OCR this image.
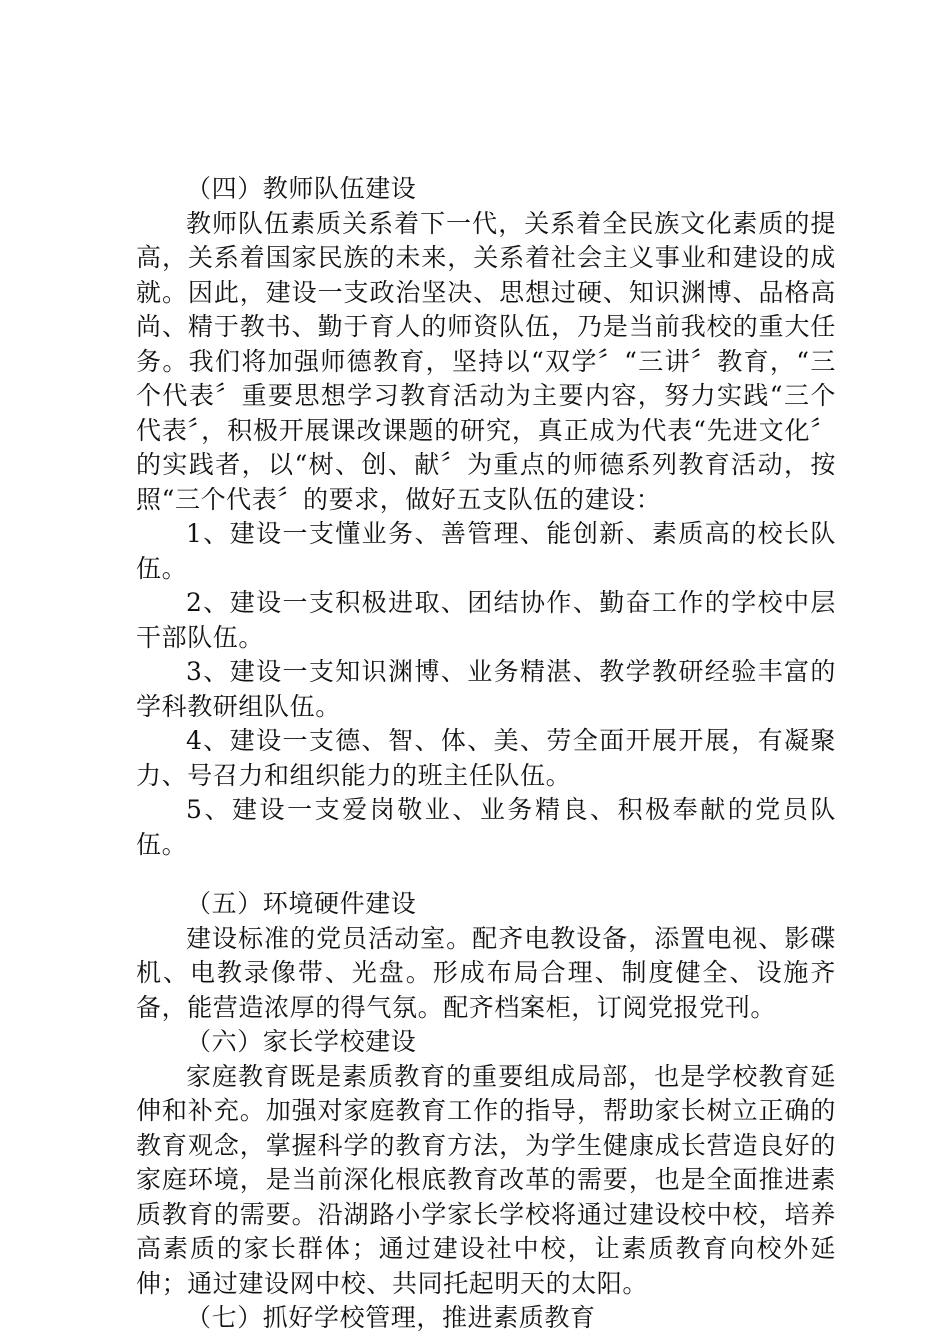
（四）教师队伍建设

教师队伍素质关系着下一代，关系着全民族文化素质的提高，关系着国家民族的未来，关系着社会主义事业和建设的成就。因此，建设一支政治坚决、思想过硬、知识渊博、品格高尚、精于教书、勤于育人的师资队伍，乃是当前我校的重大任务。我们将加强师德教育，坚持以“双学〞“三讲〞教育，“三个代表〞重要思想学习教育活动为主要内容，努力实践“三个代表〞，积极开展课改课题的研究，真正成为代表“先进文化〞的实践者，以“树、创、献〞为重点的师德系列教育活动，按照“三个代表〞的要求，做好五支队伍的建设：

1、建设一支懂业务、善管理、能创新、素质高的校长队伍。

2、建设一支积极进取、团结协作、勤奋工作的学校中层干部队伍。

3、建设一支知识渊博、业务精湛、教学教研经验丰富的学科教研组队伍。

4、建设一支德、智、体、美、劳全面开展开展，有凝聚力、号召力和组织能力的班主任队伍。

5、建设一支爱岗敬业、业务精良、积极奉献的党员队伍。

（五）环境硬件建设

建设标准的党员活动室。配齐电教设备，添置电视、影碟机、电教录像带、光盘。形成布局合理、制度健全、设施齐备，能营造浓厚的得气氛。配齐档案柜，订阅党报党刊。

（六）家长学校建设

家庭教育既是素质教育的重要组成局部，也是学校教育延伸和补充。加强对家庭教育工作的指导，帮助家长树立正确的教育观念，掌握科学的教育方法，为学生健康成长营造良好的家庭环境，是当前深化根底教育改革的需要，也是全面推进素质教育的需要。沿湖路小学家长学校将通过建设校中校，培养高素质的家长群体；通过建设社中校，让素质教育向校外延伸；通过建设网中校、共同托起明天的太阳。

（七）抓好学校管理，推进素质教育
